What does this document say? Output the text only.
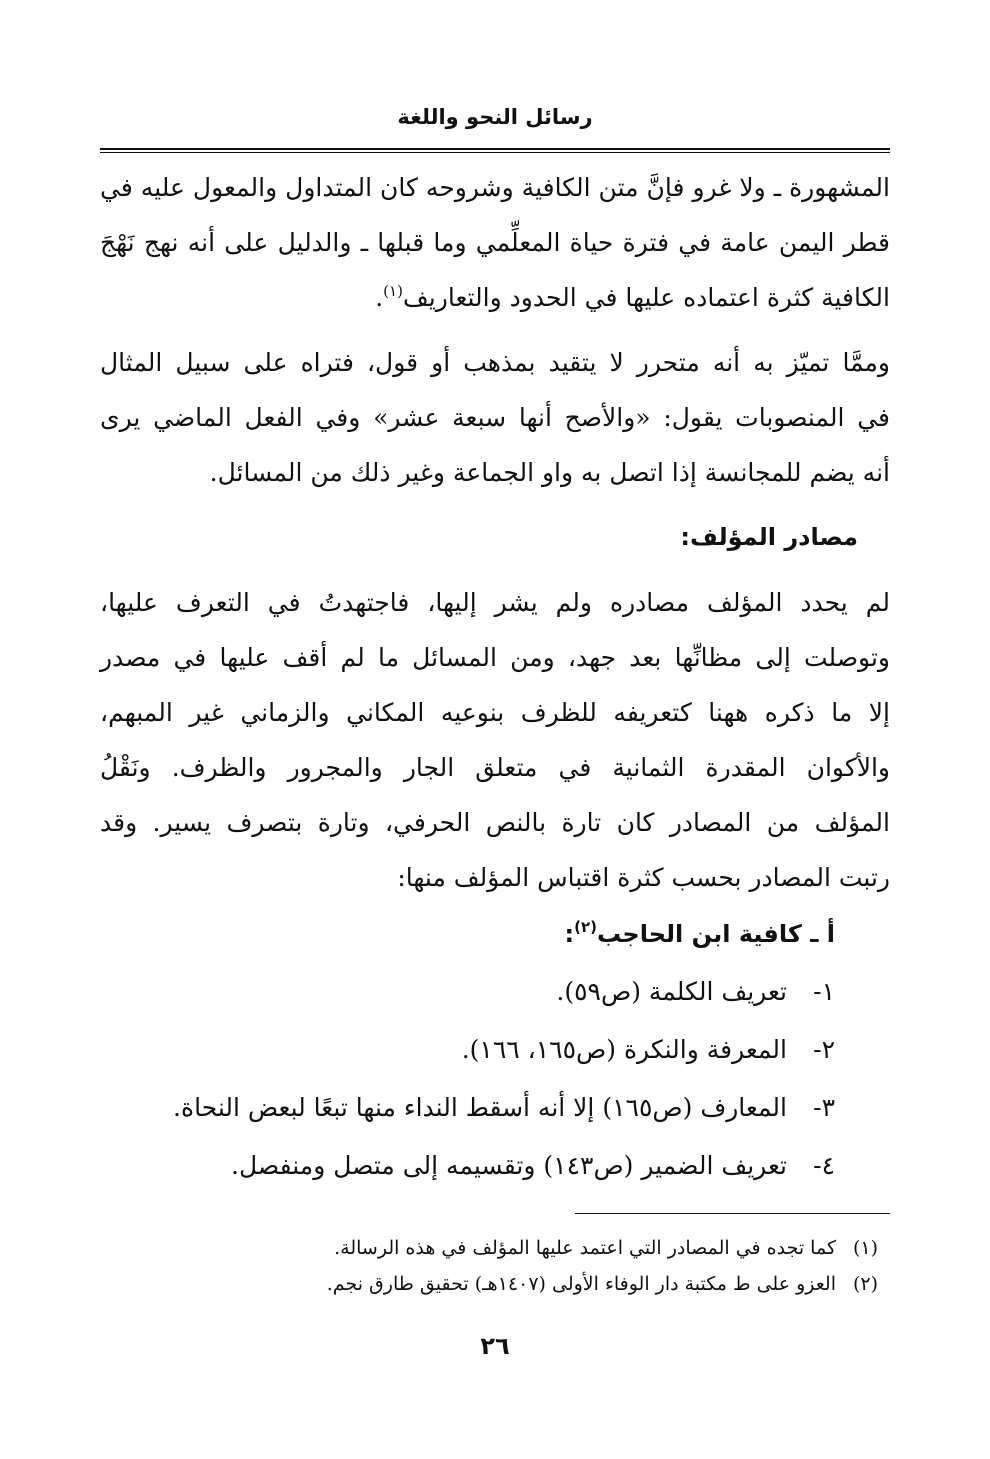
رسائل النحو واللغة
المشهورة ـ ولا غرو فإنَّ متن الكافية وشروحه كان المتداول والمعول عليه في
قطر اليمن عامة في فترة حياة المعلِّمي وما قبلها ـ والدليل على أنه نهج نَهْجَ
الكافية كثرة اعتماده عليها في الحدود والتعاريف$^{(١)}$.
وممَّا تميّز به أنه متحرر لا يتقيد بمذهب أو قول، فتراه على سبيل المثال
في المنصوبات يقول: «والأصح أنها سبعة عشر» وفي الفعل الماضي يرى
أنه يضم للمجانسة إذا اتصل به واو الجماعة وغير ذلك من المسائل.
مصادر المؤلف:
لم يحدد المؤلف مصادره ولم يشر إليها، فاجتهدتُ في التعرف عليها،
وتوصلت إلى مظانِّها بعد جهد، ومن المسائل ما لم أقف عليها في مصدر
إلا ما ذكره ههنا كتعريفه للظرف بنوعيه المكاني والزماني غير المبهم،
والأكوان المقدرة الثمانية في متعلق الجار والمجرور والظرف. ونَقْلُ
المؤلف من المصادر كان تارة بالنص الحرفي، وتارة بتصرف يسير. وقد
رتبت المصادر بحسب كثرة اقتباس المؤلف منها:
أ ـ كافية ابن الحاجب$^{(٢)}$:
١-تعريف الكلمة (ص٥٩).
٢-المعرفة والنكرة (ص١٦٥، ١٦٦).
٣-المعارف (ص١٦٥) إلا أنه أسقط النداء منها تبعًا لبعض النحاة.
٤-تعريف الضمير (ص١٤٣) وتقسيمه إلى متصل ومنفصل.
(١)كما تجده في المصادر التي اعتمد عليها المؤلف في هذه الرسالة.
(٢)العزو على ط مكتبة دار الوفاء الأولى (١٤٠٧هـ) تحقيق طارق نجم.
٢٦
